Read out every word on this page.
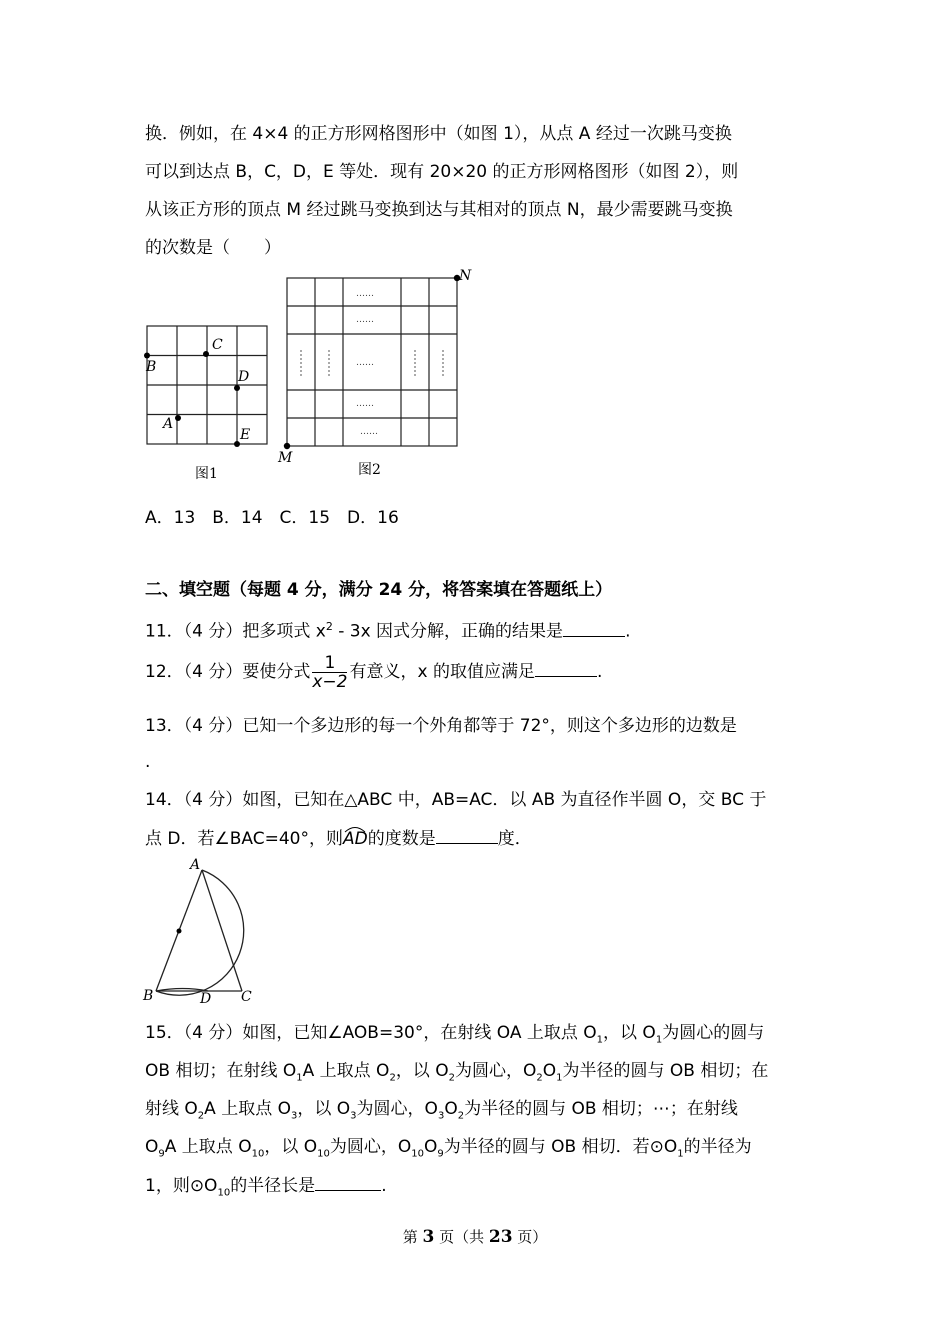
换．例如，在 4×4 的正方形网格图形中（如图 1），从点 A 经过一次跳马变换
可以到达点 B，C，D，E 等处．现有 20×20 的正方形网格图形（如图 2），则
从该正方形的顶点 M 经过跳马变换到达与其相对的顶点 N，最少需要跳马变换
的次数是（　　）
A
B
C
D
E
图1
……
……
……
……
……
M
N
图2
A．13　B．14　C．15　D．16
二、填空题（每题 4 分，满分 24 分，将答案填在答题纸上）
11．（4 分）把多项式 $x^2 - 3x$ 因式分解，正确的结果是	.
12．（4 分）要使分式 $\frac{1}{x-2}$ 有意义，x 的取值应满足	.
13．（4 分）已知一个多边形的每一个外角都等于 72°，则这个多边形的边数是
.
14．（4 分）如图，已知在△ABC 中，AB=AC．以 AB 为直径作半圆 O，交 BC 于
点 D．若∠BAC=40°，则
AD的度数是	度．
A
B	D C
15．（4 分）如图，已知∠AOB=30°，在射线 OA 上取点 $O_1$，以 $O_1$为圆心的圆与
OB 相切；在射线 $O_1A$ 上取点 $O_2$，以 $O_2$为圆心，$O_2O_1$为半径的圆与 OB 相切；在
射线 $O_2A$ 上取点 $O_3$，以 $O_3$为圆心，$O_3O_2$为半径的圆与 OB 相切；⋯；在射线
$O_9A$ 上取点 $O_{10}$，以 $O_{10}$为圆心，$O_{10}O_9$为半径的圆与 OB 相切．若$⊙O_1$的半径为
1，则$⊙O_{10}$的半径长是	.
第 3 页（共 23 页）
